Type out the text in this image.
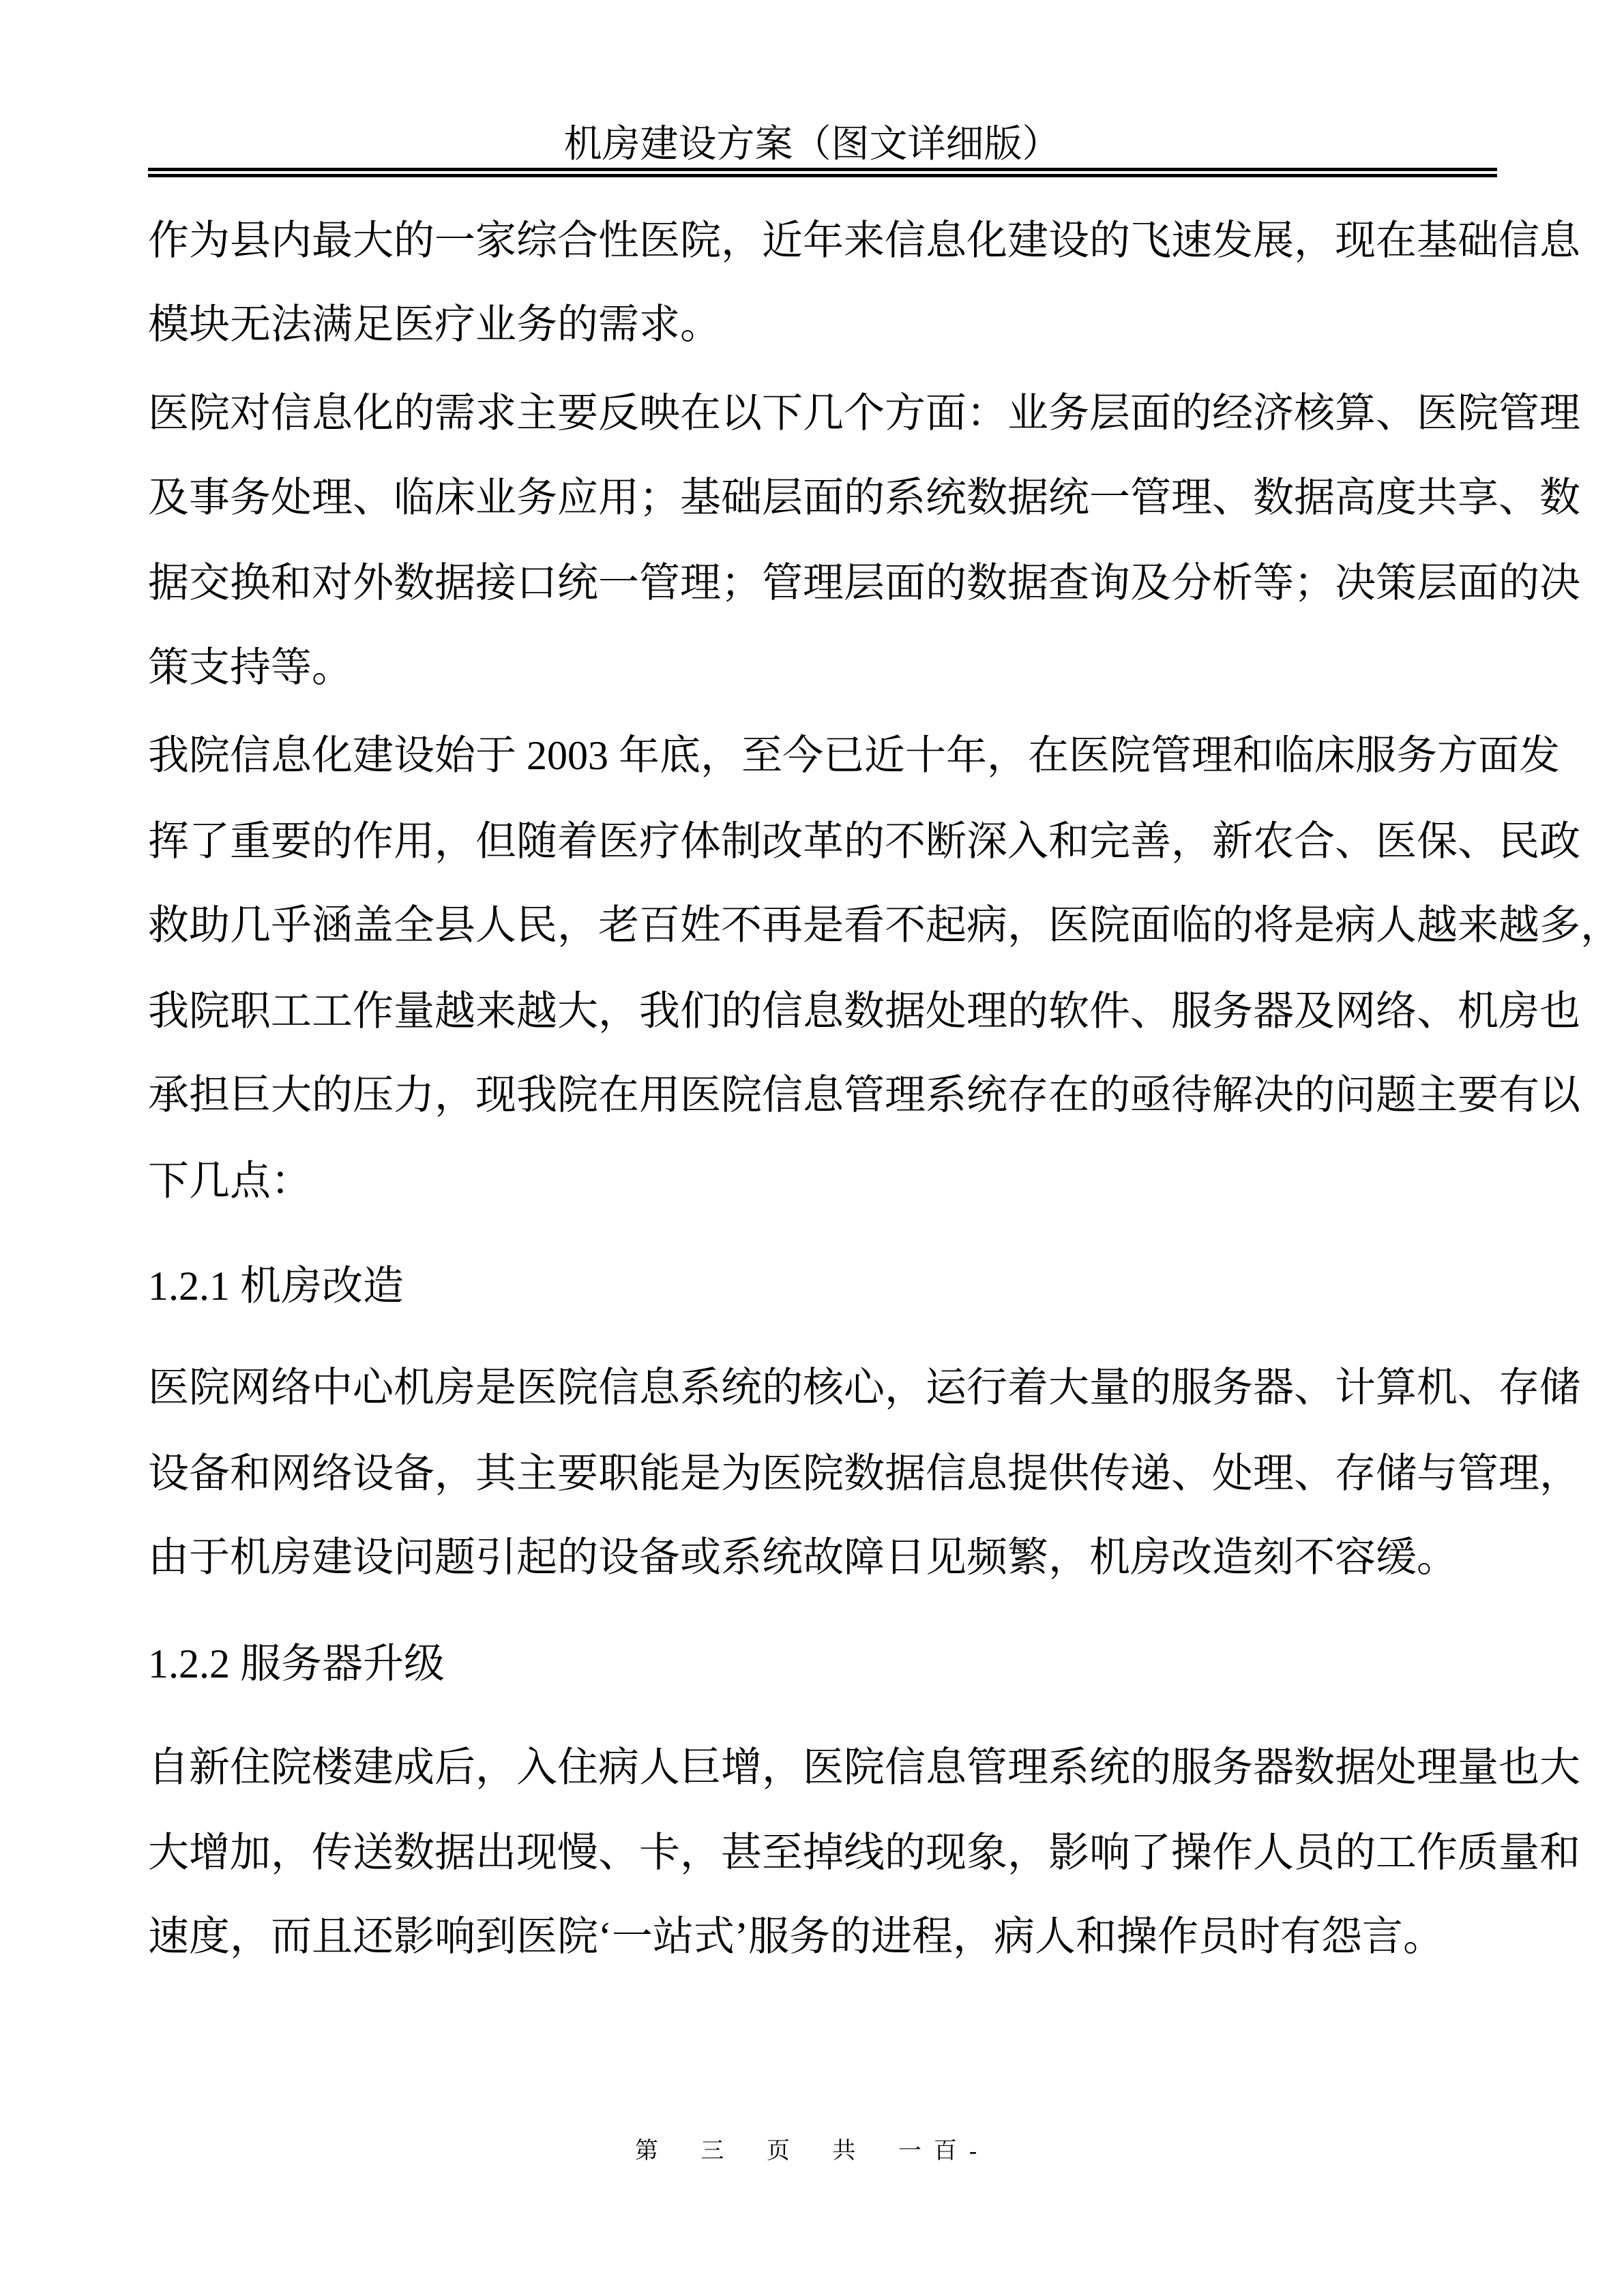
机房建设方案（图文详细版）
作为县内最大的一家综合性医院，近年来信息化建设的飞速发展，现在基础信息
模块无法满足医疗业务的需求。
医院对信息化的需求主要反映在以下几个方面：业务层面的经济核算、医院管理
及事务处理、临床业务应用；基础层面的系统数据统一管理、数据高度共享、数
据交换和对外数据接口统一管理；管理层面的数据查询及分析等；决策层面的决
策支持等。
我院信息化建设始于 2003 年底，至今已近十年，在医院管理和临床服务方面发
挥了重要的作用，但随着医疗体制改革的不断深入和完善，新农合、医保、民政
救助几乎涵盖全县人民，老百姓不再是看不起病，医院面临的将是病人越来越多，
我院职工工作量越来越大，我们的信息数据处理的软件、服务器及网络、机房也
承担巨大的压力，现我院在用医院信息管理系统存在的亟待解决的问题主要有以
下几点：
1.2.1 机房改造
医院网络中心机房是医院信息系统的核心，运行着大量的服务器、计算机、存储
设备和网络设备，其主要职能是为医院数据信息提供传递、处理、存储与管理，
由于机房建设问题引起的设备或系统故障日见频繁，机房改造刻不容缓。
1.2.2 服务器升级
自新住院楼建成后，入住病人巨增，医院信息管理系统的服务器数据处理量也大
大增加，传送数据出现慢、卡，甚至掉线的现象，影响了操作人员的工作质量和
速度，而且还影响到医院‘一站式’服务的进程，病人和操作员时有怨言。
第 三 页 共 一百-
